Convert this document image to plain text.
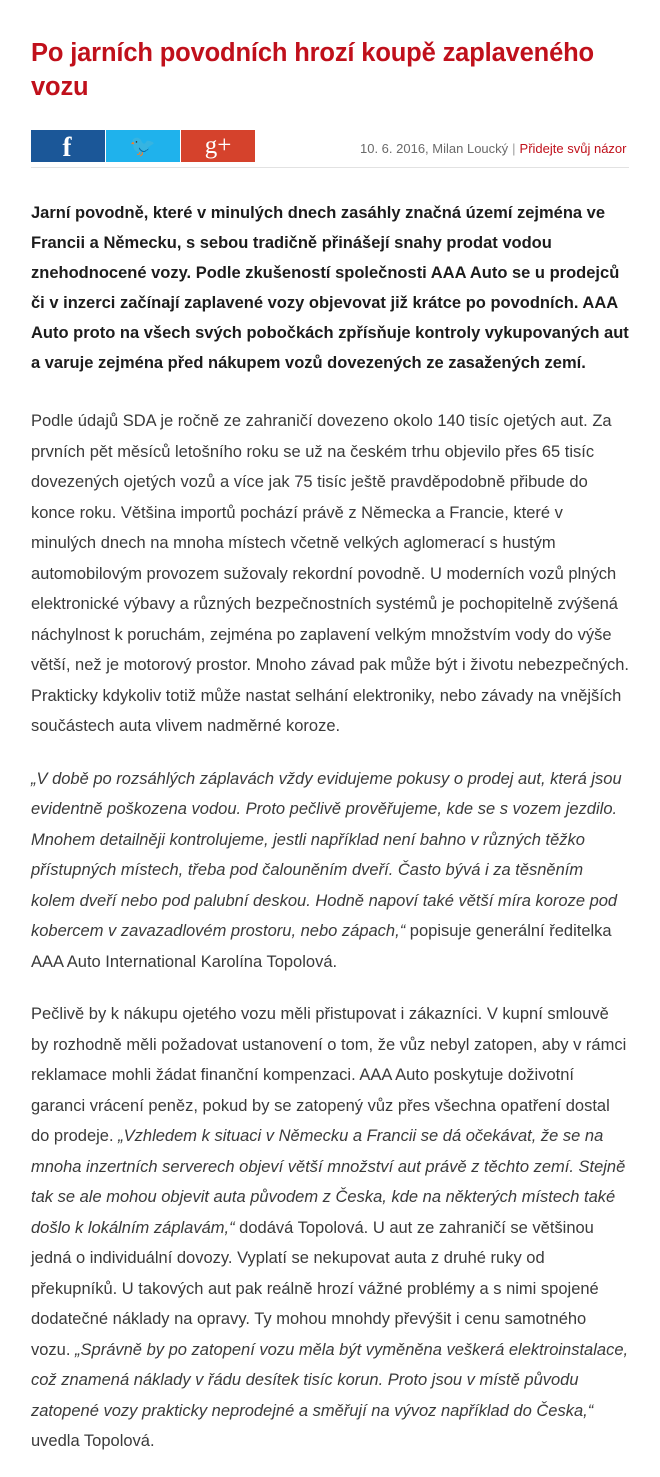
Po jarních povodních hrozí koupě zaplaveného vozu
f	🐦 g+	10. 6. 2016, Milan Loucký | Přidejte svůj názor

Jarní povodně, které v minulých dnech zasáhly značná území zejména ve Francii a Německu, s sebou tradičně přinášejí snahy prodat vodou znehodnocené vozy. Podle zkušeností společnosti AAA Auto se u prodejců či v inzerci začínají zaplavené vozy objevovat již krátce po povodních. AAA Auto proto na všech svých pobočkách zpřísňuje kontroly vykupovaných aut a varuje zejména před nákupem vozů dovezených ze zasažených zemí.

Podle údajů SDA je ročně ze zahraničí dovezeno okolo 140 tisíc ojetých aut. Za prvních pět měsíců letošního roku se už na českém trhu objevilo přes 65 tisíc dovezených ojetých vozů a více jak 75 tisíc ještě pravděpodobně přibude do konce roku. Většina importů pochází právě z Německa a Francie, které v minulých dnech na mnoha místech včetně velkých aglomerací s hustým automobilovým provozem sužovaly rekordní povodně. U moderních vozů plných elektronické výbavy a různých bezpečnostních systémů je pochopitelně zvýšená náchylnost k poruchám, zejména po zaplavení velkým množstvím vody do výše větší, než je motorový prostor. Mnoho závad pak může být i životu nebezpečných. Prakticky kdykoliv totiž může nastat selhání elektroniky, nebo závady na vnějších součástech auta vlivem nadměrné koroze.

„V době po rozsáhlých záplavách vždy evidujeme pokusy o prodej aut, která jsou evidentně poškozena vodou. Proto pečlivě prověřujeme, kde se s vozem jezdilo. Mnohem detailněji kontrolujeme, jestli například není bahno v různých těžko přístupných místech, třeba pod čalouněním dveří. Často bývá i za těsněním kolem dveří nebo pod palubní deskou. Hodně napoví také větší míra koroze pod kobercem v zavazadlovém prostoru, nebo zápach,“ popisuje generální ředitelka AAA Auto International Karolína Topolová.

Pečlivě by k nákupu ojetého vozu měli přistupovat i zákazníci. V kupní smlouvě by rozhodně měli požadovat ustanovení o tom, že vůz nebyl zatopen, aby v rámci reklamace mohli žádat finanční kompenzaci. AAA Auto poskytuje doživotní garanci vrácení peněz, pokud by se zatopený vůz přes všechna opatření dostal do prodeje. „Vzhledem k situaci v Německu a Francii se dá očekávat, že se na mnoha inzertních serverech objeví větší množství aut právě z těchto zemí. Stejně tak se ale mohou objevit auta původem z Česka, kde na některých místech také došlo k lokálním záplavám,“ dodává Topolová. U aut ze zahraničí se většinou jedná o individuální dovozy. Vyplatí se nekupovat auta z druhé ruky od překupníků. U takových aut pak reálně hrozí vážné problémy a s nimi spojené dodatečné náklady na opravy. Ty mohou mnohdy převýšit i cenu samotného vozu. „Správně by po zatopení vozu měla být vyměněna veškerá elektroinstalace, což znamená náklady v řádu desítek tisíc korun. Proto jsou v místě původu zatopené vozy prakticky neprodejné a směřují na vývoz například do Česka,“ uvedla Topolová.
